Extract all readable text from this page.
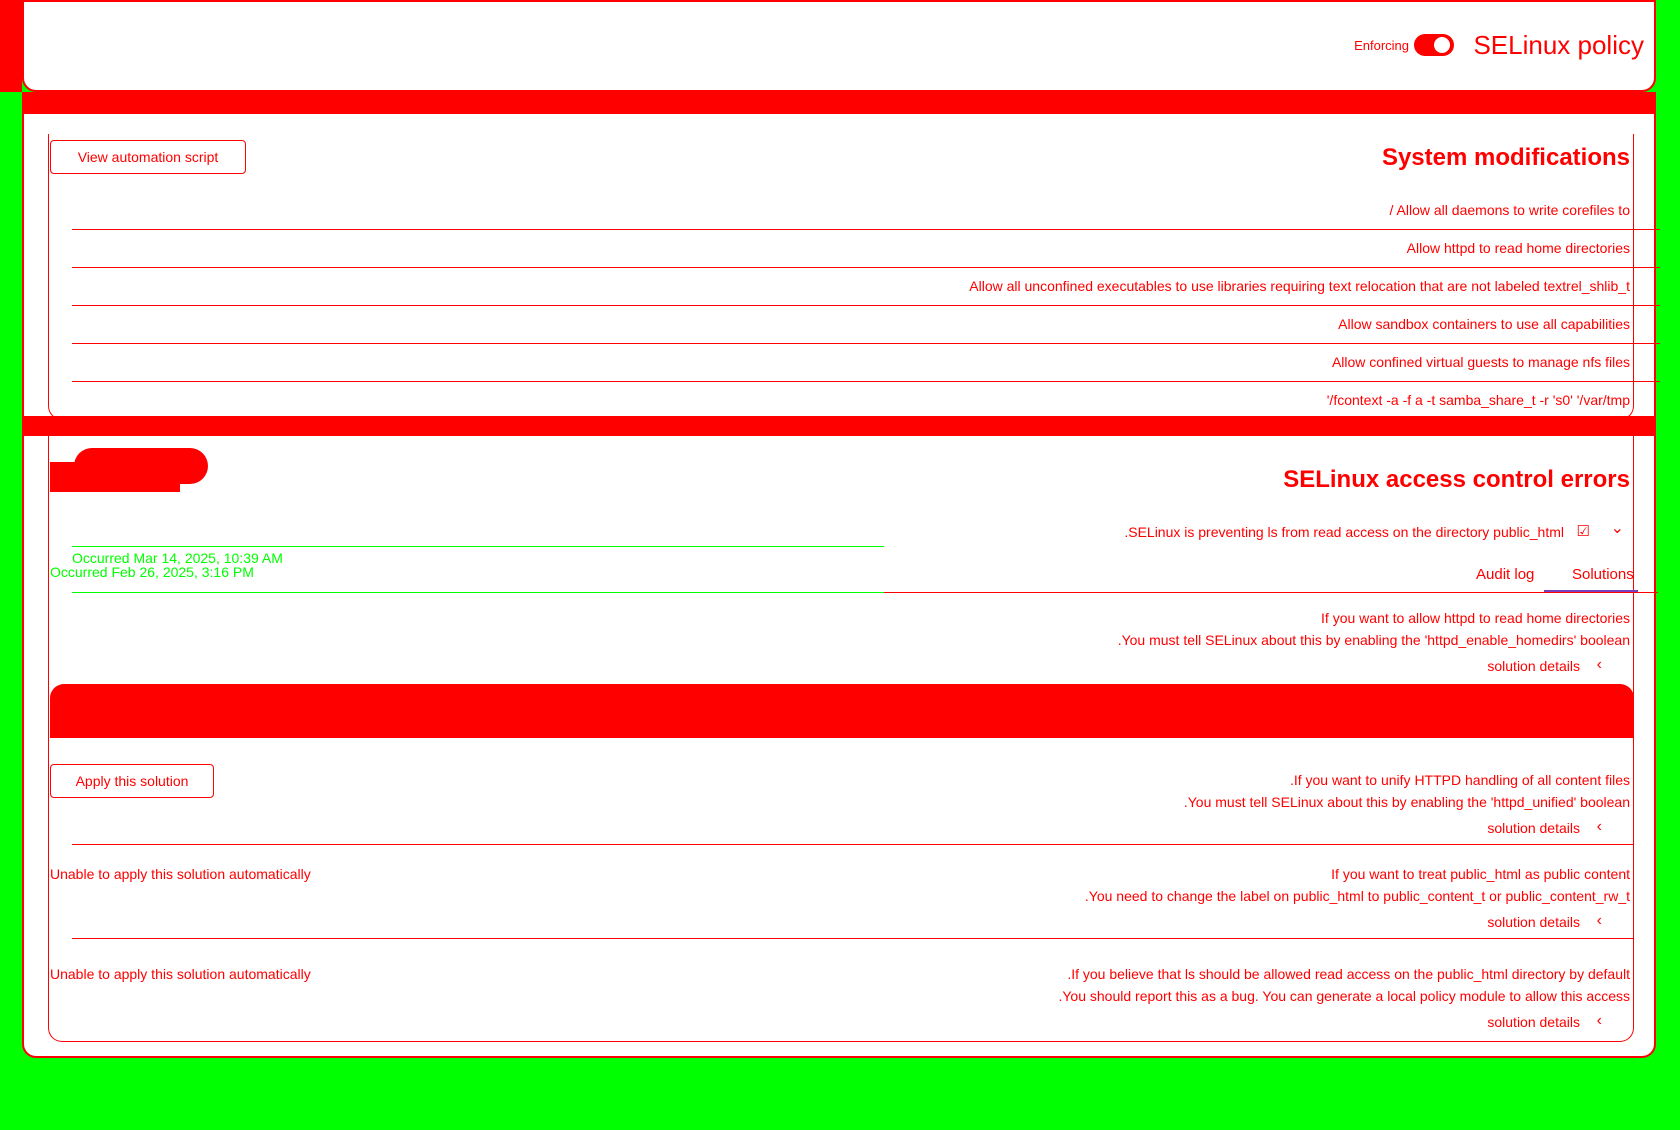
Enforcing SELinux policy
View automation script	System modifications
/ Allow all daemons to write corefiles to
Allow httpd to read home directories
Allow all unconfined executables to use libraries requiring text relocation that are not labeled textrel_shlib_t
Allow sandbox containers to use all capabilities
Allow confined virtual guests to manage nfs files
'/fcontext -a -f a -t samba_share_t -r 's0' '/var/tmp
SELinux access control errors
.SELinux is preventing ls from read access on the directory public_html ☑ ⌄
Occurred Mar 14, 2025, 10:39 AM
Occurred Feb 26, 2025, 3:16 PM	Audit log	Solutions
If you want to allow httpd to read home directories
.You must tell SELinux about this by enabling the 'httpd_enable_homedirs' boolean
solution details ‹
Apply this solution	.If you want to unify HTTPD handling of all content files
.You must tell SELinux about this by enabling the 'httpd_unified' boolean
solution details ‹
Unable to apply this solution automatically	If you want to treat public_html as public content
.You need to change the label on public_html to public_content_t or public_content_rw_t
solution details ‹
Unable to apply this solution automatically	.If you believe that ls should be allowed read access on the public_html directory by default
.You should report this as a bug. You can generate a local policy module to allow this access
solution details ‹
